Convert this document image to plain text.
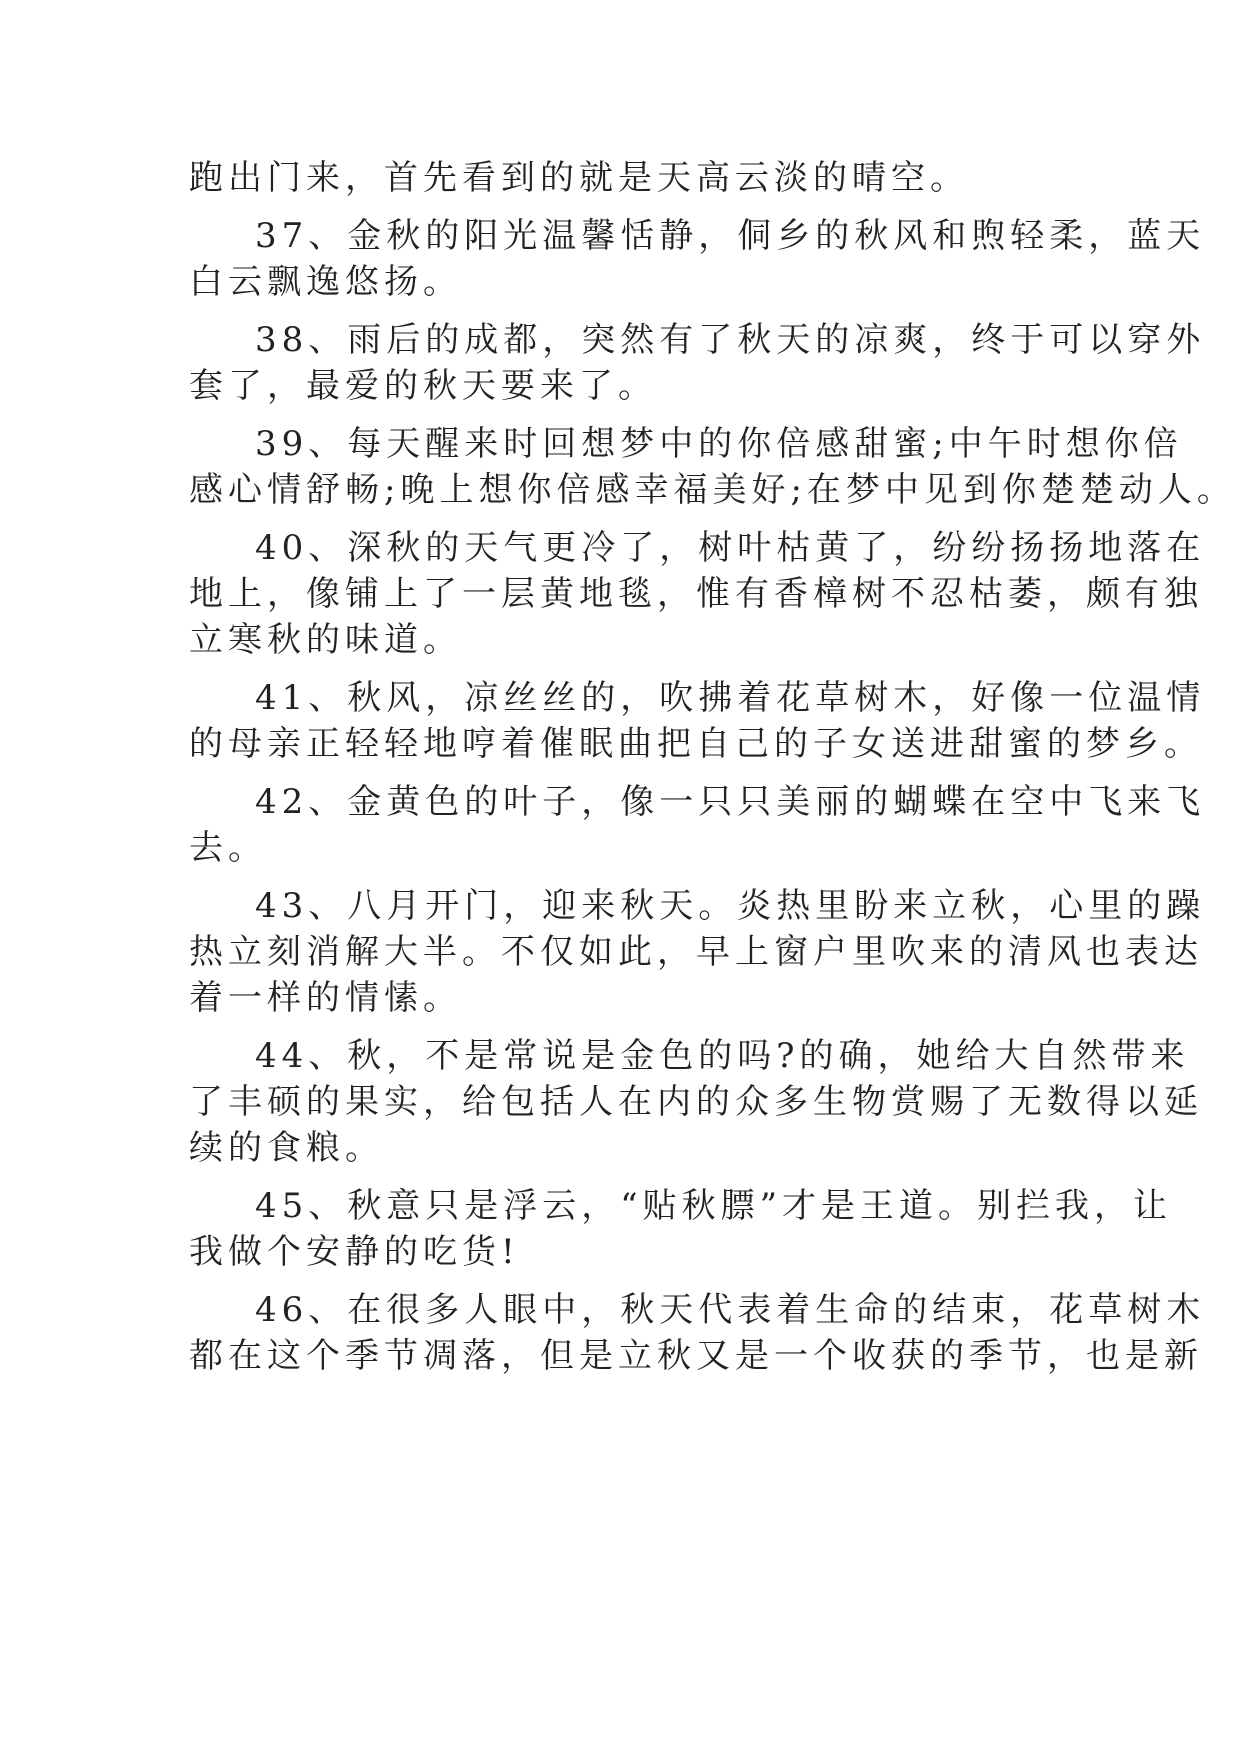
跑出门来，首先看到的就是天高云淡的晴空。
37、金秋的阳光温馨恬静，侗乡的秋风和煦轻柔，蓝天
白云飘逸悠扬。
38、雨后的成都，突然有了秋天的凉爽，终于可以穿外
套了，最爱的秋天要来了。
39、每天醒来时回想梦中的你倍感甜蜜;中午时想你倍
感心情舒畅;晚上想你倍感幸福美好;在梦中见到你楚楚动人。
40、深秋的天气更冷了，树叶枯黄了，纷纷扬扬地落在
地上，像铺上了一层黄地毯，惟有香樟树不忍枯萎，颇有独
立寒秋的味道。
41、秋风，凉丝丝的，吹拂着花草树木，好像一位温情
的母亲正轻轻地哼着催眠曲把自己的子女送进甜蜜的梦乡。
42、金黄色的叶子，像一只只美丽的蝴蝶在空中飞来飞
去。
43、八月开门，迎来秋天。炎热里盼来立秋，心里的躁
热立刻消解大半。不仅如此，早上窗户里吹来的清风也表达
着一样的情愫。
44、秋，不是常说是金色的吗?的确，她给大自然带来
了丰硕的果实，给包括人在内的众多生物赏赐了无数得以延
续的食粮。
45、秋意只是浮云，“贴秋膘”才是王道。别拦我，让
我做个安静的吃货!
46、在很多人眼中，秋天代表着生命的结束，花草树木
都在这个季节凋落，但是立秋又是一个收获的季节，也是新
